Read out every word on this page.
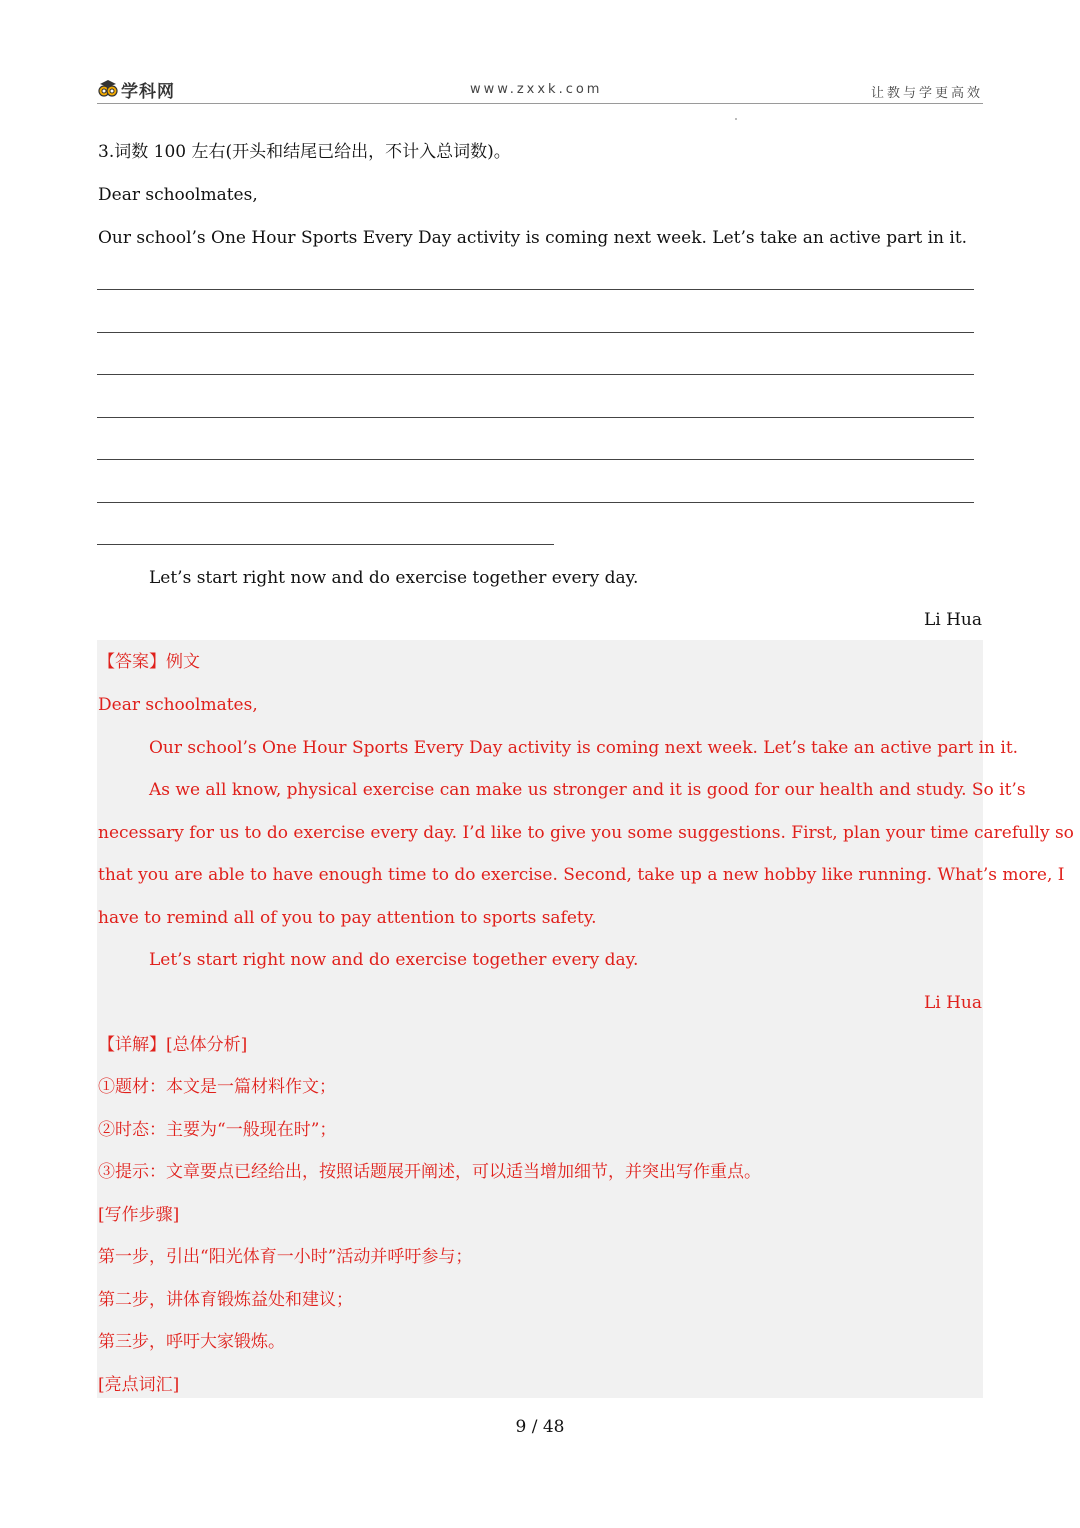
学科网	www.zxxk.com	让教与学更高效
3.词数 100 左右(开头和结尾已给出，不计入总词数)。
Dear schoolmates,
Our school’s One Hour Sports Every Day activity is coming next week. Let’s take an active part in it.
Let’s start right now and do exercise together every day.
Li Hua
【答案】例文
Dear schoolmates,
Our school’s One Hour Sports Every Day activity is coming next week. Let’s take an active part in it.
As we all know, physical exercise can make us stronger and it is good for our health and study. So it’s
necessary for us to do exercise every day. I’d like to give you some suggestions. First, plan your time carefully so
that you are able to have enough time to do exercise. Second, take up a new hobby like running. What’s more, I
have to remind all of you to pay attention to sports safety.
Let’s start right now and do exercise together every day.
Li Hua
【详解】[总体分析]
①题材：本文是一篇材料作文；
②时态：主要为“一般现在时”；
③提示：文章要点已经给出，按照话题展开阐述，可以适当增加细节，并突出写作重点。
[写作步骤]
第一步，引出“阳光体育一小时”活动并呼吁参与；
第二步，讲体育锻炼益处和建议；
第三步，呼吁大家锻炼。
[亮点词汇]
9 / 48
